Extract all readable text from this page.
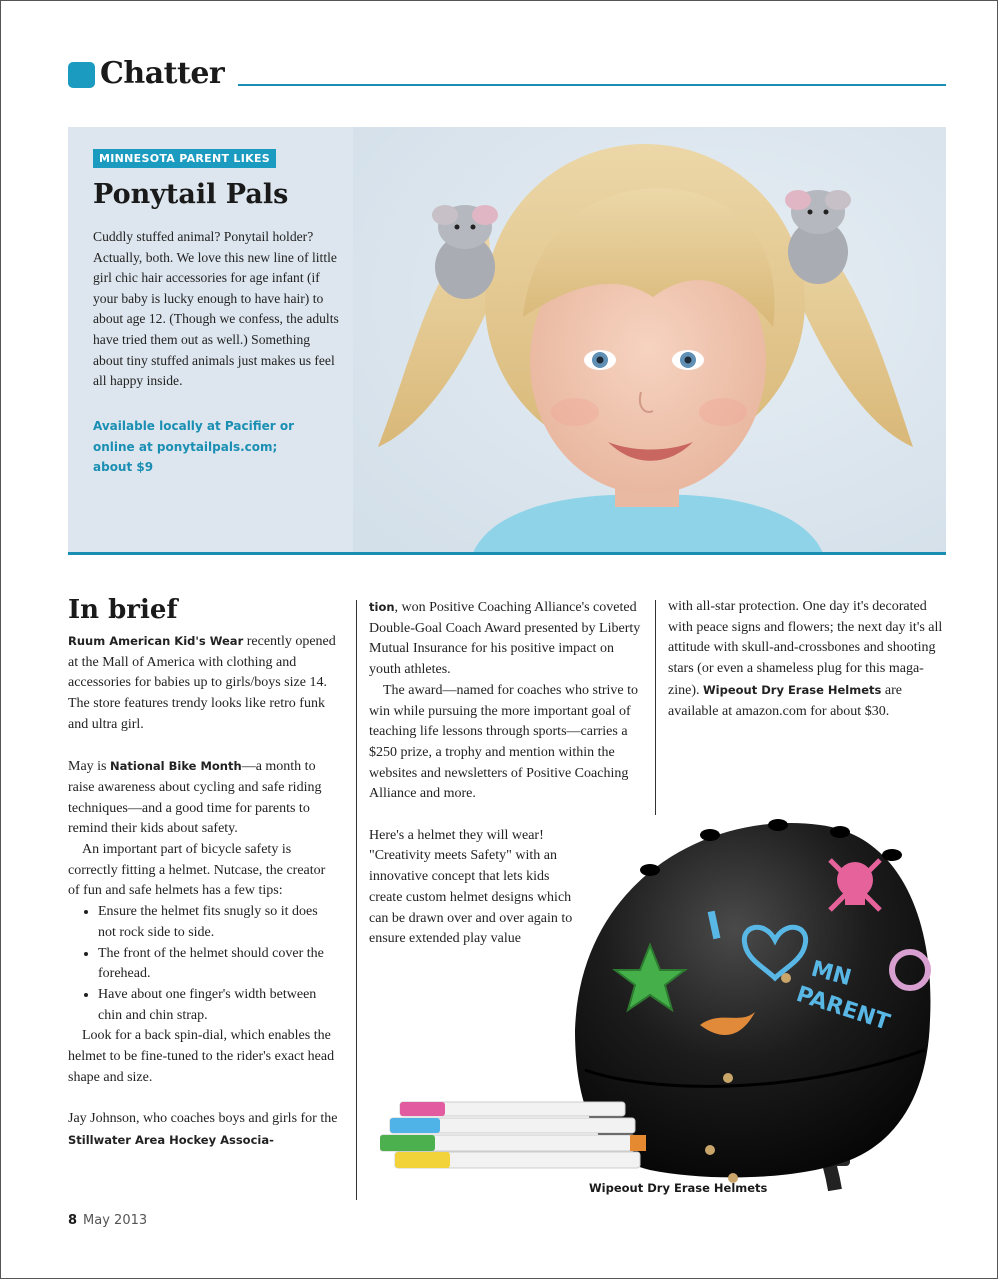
Chatter
MINNESOTA PARENT LIKES
Ponytail Pals

Cuddly stuffed animal? Ponytail holder? Actually, both. We love this new line of little girl chic hair accessories for age infant (if your baby is lucky enough to have hair) to about age 12. (Though we confess, the adults have tried them out as well.) Something about tiny stuffed animals just makes us feel all happy inside.

Available locally at Pacifier or online at ponytailpals.com; about $9

In brief

Ruum American Kid's Wear recently opened at the Mall of America with clothing and accessories for babies up to girls/boys size 14. The store features trendy looks like retro funk and ultra girl.

May is National Bike Month—a month to raise awareness about cycling and safe riding techniques—and a good time for parents to remind their kids about safety.

An important part of bicycle safety is correctly fitting a helmet. Nutcase, the creator of fun and safe helmets has a few tips:

• Ensure the helmet fits snugly so it does not rock side to side.
• The front of the helmet should cover the forehead.
• Have about one finger's width between chin and chin strap.

Look for a back spin-dial, which enables the helmet to be fine-tuned to the rider's exact head shape and size.

Jay Johnson, who coaches boys and girls for the Stillwater Area Hockey Associa-

tion, won Positive Coaching Alliance's coveted Double-Goal Coach Award presented by Liberty Mutual Insurance for his positive impact on youth athletes.

The award—named for coaches who strive to win while pursuing the more important goal of teaching life lessons through sports—carries a $250 prize, a trophy and mention within the websites and newsletters of Positive Coaching Alliance and more.

Here's a helmet they will wear! "Creativity meets Safety" with an innovative concept that lets kids create custom helmet designs which can be drawn over and over again to ensure extended play value

with all-star protection. One day it's decorated with peace signs and flowers; the next day it's all attitude with skull-and-crossbones and shooting stars (or even a shameless plug for this maga-zine). Wipeout Dry Erase Helmets are available at amazon.com for about $30.

I
MN
PARENT
Wipeout Dry Erase Helmets
8 May 2013
